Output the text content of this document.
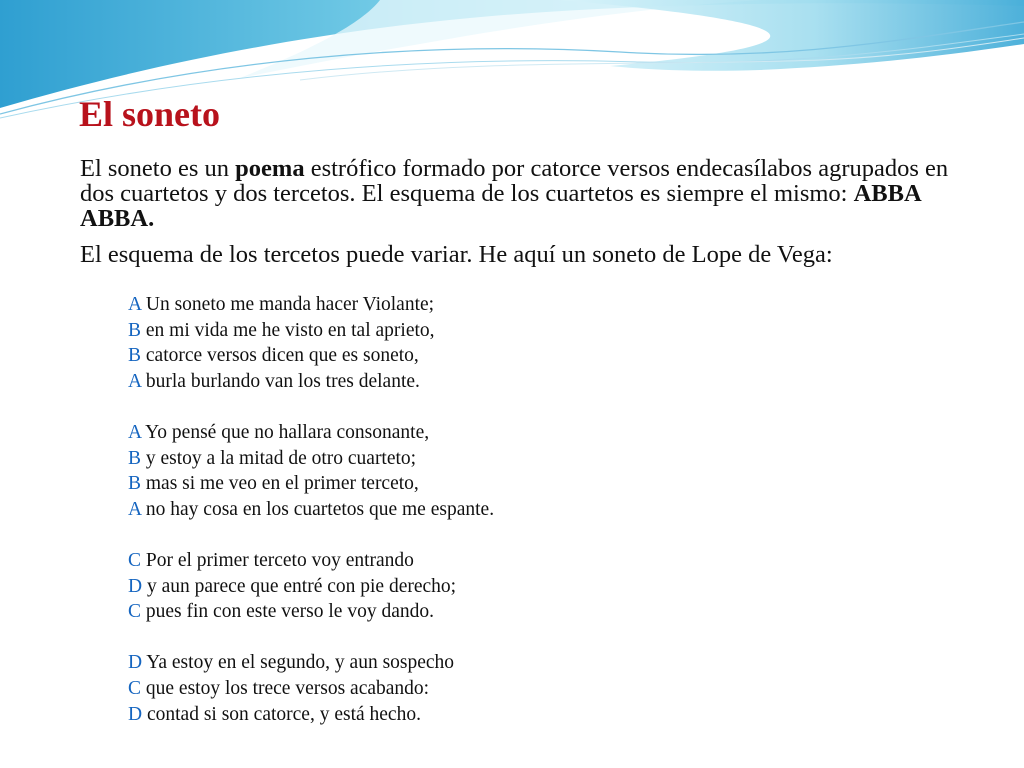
El soneto

El soneto es un poema estrófico formado por catorce versos endecasílabos agrupados en dos cuartetos y dos tercetos. El esquema de los cuartetos es siempre el mismo: ABBA ABBA.

El esquema de los tercetos puede variar. He aquí un soneto de Lope de Vega:

A Un soneto me manda hacer Violante;
B en mi vida me he visto en tal aprieto,
B catorce versos dicen que es soneto,
A burla burlando van los tres delante.
A Yo pensé que no hallara consonante,
B y estoy a la mitad de otro cuarteto;
B mas si me veo en el primer terceto,
A no hay cosa en los cuartetos que me espante.
C Por el primer terceto voy entrando
D y aun parece que entré con pie derecho;
C pues fin con este verso le voy dando.
D Ya estoy en el segundo, y aun sospecho
C que estoy los trece versos acabando:
D contad si son catorce, y está hecho.
